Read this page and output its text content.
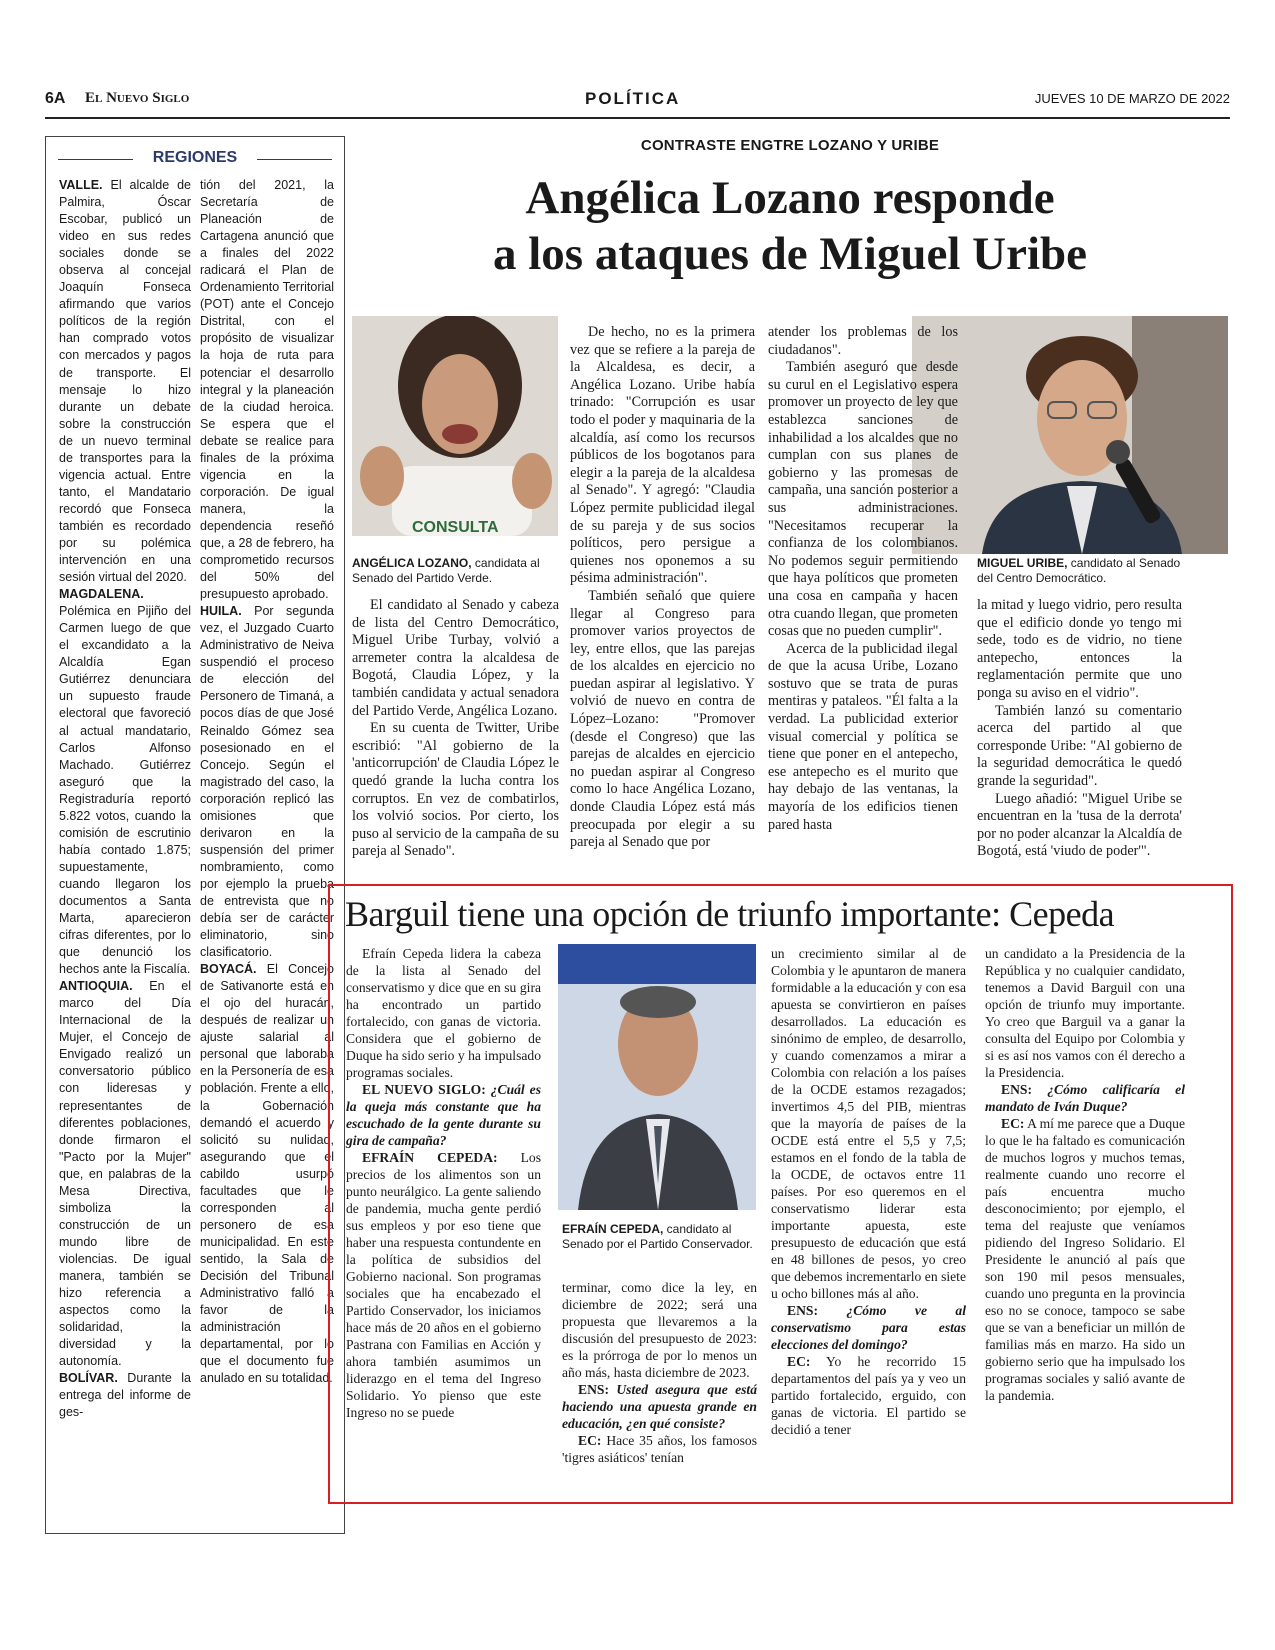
6A El Nuevo Siglo	POLÍTICA	JUEVES 10 DE MARZO DE 2022
REGIONES

VALLE. El alcalde de Palmira, Óscar Escobar, publicó un video en sus redes sociales donde se observa al concejal Joaquín Fonseca afirmando que varios políticos de la región han comprado votos con mercados y pagos de transporte. El mensaje lo hizo durante un debate sobre la construcción de un nuevo terminal de transportes para la vigencia actual. Entre tanto, el Mandatario recordó que Fonseca también es recordado por su polémica intervención en una sesión virtual del 2020.

MAGDALENA. Polémica en Pijiño del Carmen luego de que el excandidato a la Alcaldía Egan Gutiérrez denunciara un supuesto fraude electoral que favoreció al actual mandatario, Carlos Alfonso Machado. Gutiérrez aseguró que la Registraduría reportó 5.822 votos, cuando la comisión de escrutinio había contado 1.875; supuestamente, cuando llegaron los documentos a Santa Marta, aparecieron cifras diferentes, por lo que denunció los hechos ante la Fiscalía.

ANTIOQUIA. En el marco del Día Internacional de la Mujer, el Concejo de Envigado realizó un conversatorio público con lideresas y representantes de diferentes poblaciones, donde firmaron el "Pacto por la Mujer" que, en palabras de la Mesa Directiva, simboliza la construcción de un mundo libre de violencias. De igual manera, también se hizo referencia a aspectos como la solidaridad, la diversidad y la autonomía.

BOLÍVAR. Durante la entrega del informe de ges-

tión del 2021, la Secretaría de Planeación de Cartagena anunció que a finales del 2022 radicará el Plan de Ordenamiento Territorial (POT) ante el Concejo Distrital, con el propósito de visualizar la hoja de ruta para potenciar el desarrollo integral y la planeación de la ciudad heroica. Se espera que el debate se realice para finales de la próxima vigencia en la corporación. De igual manera, la dependencia reseñó que, a 28 de febrero, ha comprometido recursos del 50% del presupuesto aprobado.

HUILA. Por segunda vez, el Juzgado Cuarto Administrativo de Neiva suspendió el proceso de elección del Personero de Timaná, a pocos días de que José Reinaldo Gómez sea posesionado en el Concejo. Según el magistrado del caso, la corporación replicó las omisiones que derivaron en la suspensión del primer nombramiento, como por ejemplo la prueba de entrevista que no debía ser de carácter eliminatorio, sino clasificatorio.

BOYACÁ. El Concejo de Sativanorte está en el ojo del huracán, después de realizar un ajuste salarial al personal que laboraba en la Personería de esa población. Frente a ello, la Gobernación demandó el acuerdo y solicitó su nulidad, asegurando que el cabildo usurpó facultades que le corresponden al personero de esa municipalidad. En este sentido, la Sala de Decisión del Tribunal Administrativo falló a favor de la administración departamental, por lo que el documento fue anulado en su totalidad.

CONTRASTE ENGTRE LOZANO Y URIBE
Angélica Lozano responde
a los ataques de Miguel Uribe
CONSULTA
ANGÉLICA LOZANO, candidata al Senado del Partido Verde.
MIGUEL URIBE, candidato al Senado del Centro Democrático.

El candidato al Senado y cabeza de lista del Centro Democrático, Miguel Uribe Turbay, volvió a arremeter contra la alcaldesa de Bogotá, Claudia López, y la también candidata y actual senadora del Partido Verde, Angélica Lozano.

En su cuenta de Twitter, Uribe escribió: "Al gobierno de la 'anticorrupción' de Claudia López le quedó grande la lucha contra los corruptos. En vez de combatirlos, los volvió socios. Por cierto, los puso al servicio de la campaña de su pareja al Senado".

De hecho, no es la primera vez que se refiere a la pareja de la Alcaldesa, es decir, a Angélica Lozano. Uribe había trinado: "Corrupción es usar todo el poder y maquinaria de la alcaldía, así como los recursos públicos de los bogotanos para elegir a la pareja de la alcaldesa al Senado". Y agregó: "Claudia López permite publicidad ilegal de su pareja y de sus socios políticos, pero persigue a quienes nos oponemos a su pésima administración".

También señaló que quiere llegar al Congreso para promover varios proyectos de ley, entre ellos, que las parejas de los alcaldes en ejercicio no puedan aspirar al legislativo. Y volvió de nuevo en contra de López–Lozano: "Promover (desde el Congreso) que las parejas de alcaldes en ejercicio no puedan aspirar al Congreso como lo hace Angélica Lozano, donde Claudia López está más preocupada por elegir a su pareja al Senado que por

atender los problemas de los ciudadanos".

También aseguró que desde su curul en el Legislativo espera promover un proyecto de ley que establezca sanciones de inhabilidad a los alcaldes que no cumplan con sus planes de gobierno y las promesas de campaña, una sanción posterior a sus administraciones. "Necesitamos recuperar la confianza de los colombianos. No podemos seguir permitiendo que haya políticos que prometen una cosa en campaña y hacen otra cuando llegan, que prometen cosas que no pueden cumplir".

Acerca de la publicidad ilegal de que la acusa Uribe, Lozano sostuvo que se trata de puras mentiras y pataleos. "Él falta a la verdad. La publicidad exterior visual comercial y política se tiene que poner en el antepecho, ese antepecho es el murito que hay debajo de las ventanas, la mayoría de los edificios tienen pared hasta

la mitad y luego vidrio, pero resulta que el edificio donde yo tengo mi sede, todo es de vidrio, no tiene antepecho, entonces la reglamentación permite que uno ponga su aviso en el vidrio".

También lanzó su comentario acerca del partido al que corresponde Uribe: "Al gobierno de la seguridad democrática le quedó grande la seguridad".

Luego añadió: "Miguel Uribe se encuentran en la 'tusa de la derrota' por no poder alcanzar la Alcaldía de Bogotá, está 'viudo de poder'".

Barguil tiene una opción de triunfo importante: Cepeda
EFRAÍN CEPEDA, candidato al Senado por el Partido Conservador.

Efraín Cepeda lidera la cabeza de la lista al Senado del conservatismo y dice que en su gira ha encontrado un partido fortalecido, con ganas de victoria. Considera que el gobierno de Duque ha sido serio y ha impulsado programas sociales.

EL NUEVO SIGLO: ¿Cuál es la queja más constante que ha escuchado de la gente durante su gira de campaña?

EFRAÍN CEPEDA: Los precios de los alimentos son un punto neurálgico. La gente saliendo de pandemia, mucha gente perdió sus empleos y por eso tiene que haber una respuesta contundente en la política de subsidios del Gobierno nacional. Son programas sociales que ha encabezado el Partido Conservador, los iniciamos hace más de 20 años en el gobierno Pastrana con Familias en Acción y ahora también asumimos un liderazgo en el tema del Ingreso Solidario. Yo pienso que este Ingreso no se puede

terminar, como dice la ley, en diciembre de 2022; será una propuesta que llevaremos a la discusión del presupuesto de 2023: es la prórroga de por lo menos un año más, hasta diciembre de 2023.

ENS: Usted asegura que está haciendo una apuesta grande en educación, ¿en qué consiste?

EC: Hace 35 años, los famosos 'tigres asiáticos' tenían

un crecimiento similar al de Colombia y le apuntaron de manera formidable a la educación y con esa apuesta se convirtieron en países desarrollados. La educación es sinónimo de empleo, de desarrollo, y cuando comenzamos a mirar a Colombia con relación a los países de la OCDE estamos rezagados; invertimos 4,5 del PIB, mientras que la mayoría de países de la OCDE está entre el 5,5 y 7,5; estamos en el fondo de la tabla de la OCDE, de octavos entre 11 países. Por eso queremos en el conservatismo liderar esta importante apuesta, este presupuesto de educación que está en 48 billones de pesos, yo creo que debemos incrementarlo en siete u ocho billones más al año.

ENS: ¿Cómo ve al conservatismo para estas elecciones del domingo?

EC: Yo he recorrido 15 departamentos del país ya y veo un partido fortalecido, erguido, con ganas de victoria. El partido se decidió a tener

un candidato a la Presidencia de la República y no cualquier candidato, tenemos a David Barguil con una opción de triunfo muy importante. Yo creo que Barguil va a ganar la consulta del Equipo por Colombia y si es así nos vamos con él derecho a la Presidencia.

ENS: ¿Cómo calificaría el mandato de Iván Duque?

EC: A mí me parece que a Duque lo que le ha faltado es comunicación de muchos logros y muchos temas, realmente cuando uno recorre el país encuentra mucho desconocimiento; por ejemplo, el tema del reajuste que veníamos pidiendo del Ingreso Solidario. El Presidente le anunció al país que son 190 mil pesos mensuales, cuando uno pregunta en la provincia eso no se conoce, tampoco se sabe que se van a beneficiar un millón de familias más en marzo. Ha sido un gobierno serio que ha impulsado los programas sociales y salió avante de la pandemia.
